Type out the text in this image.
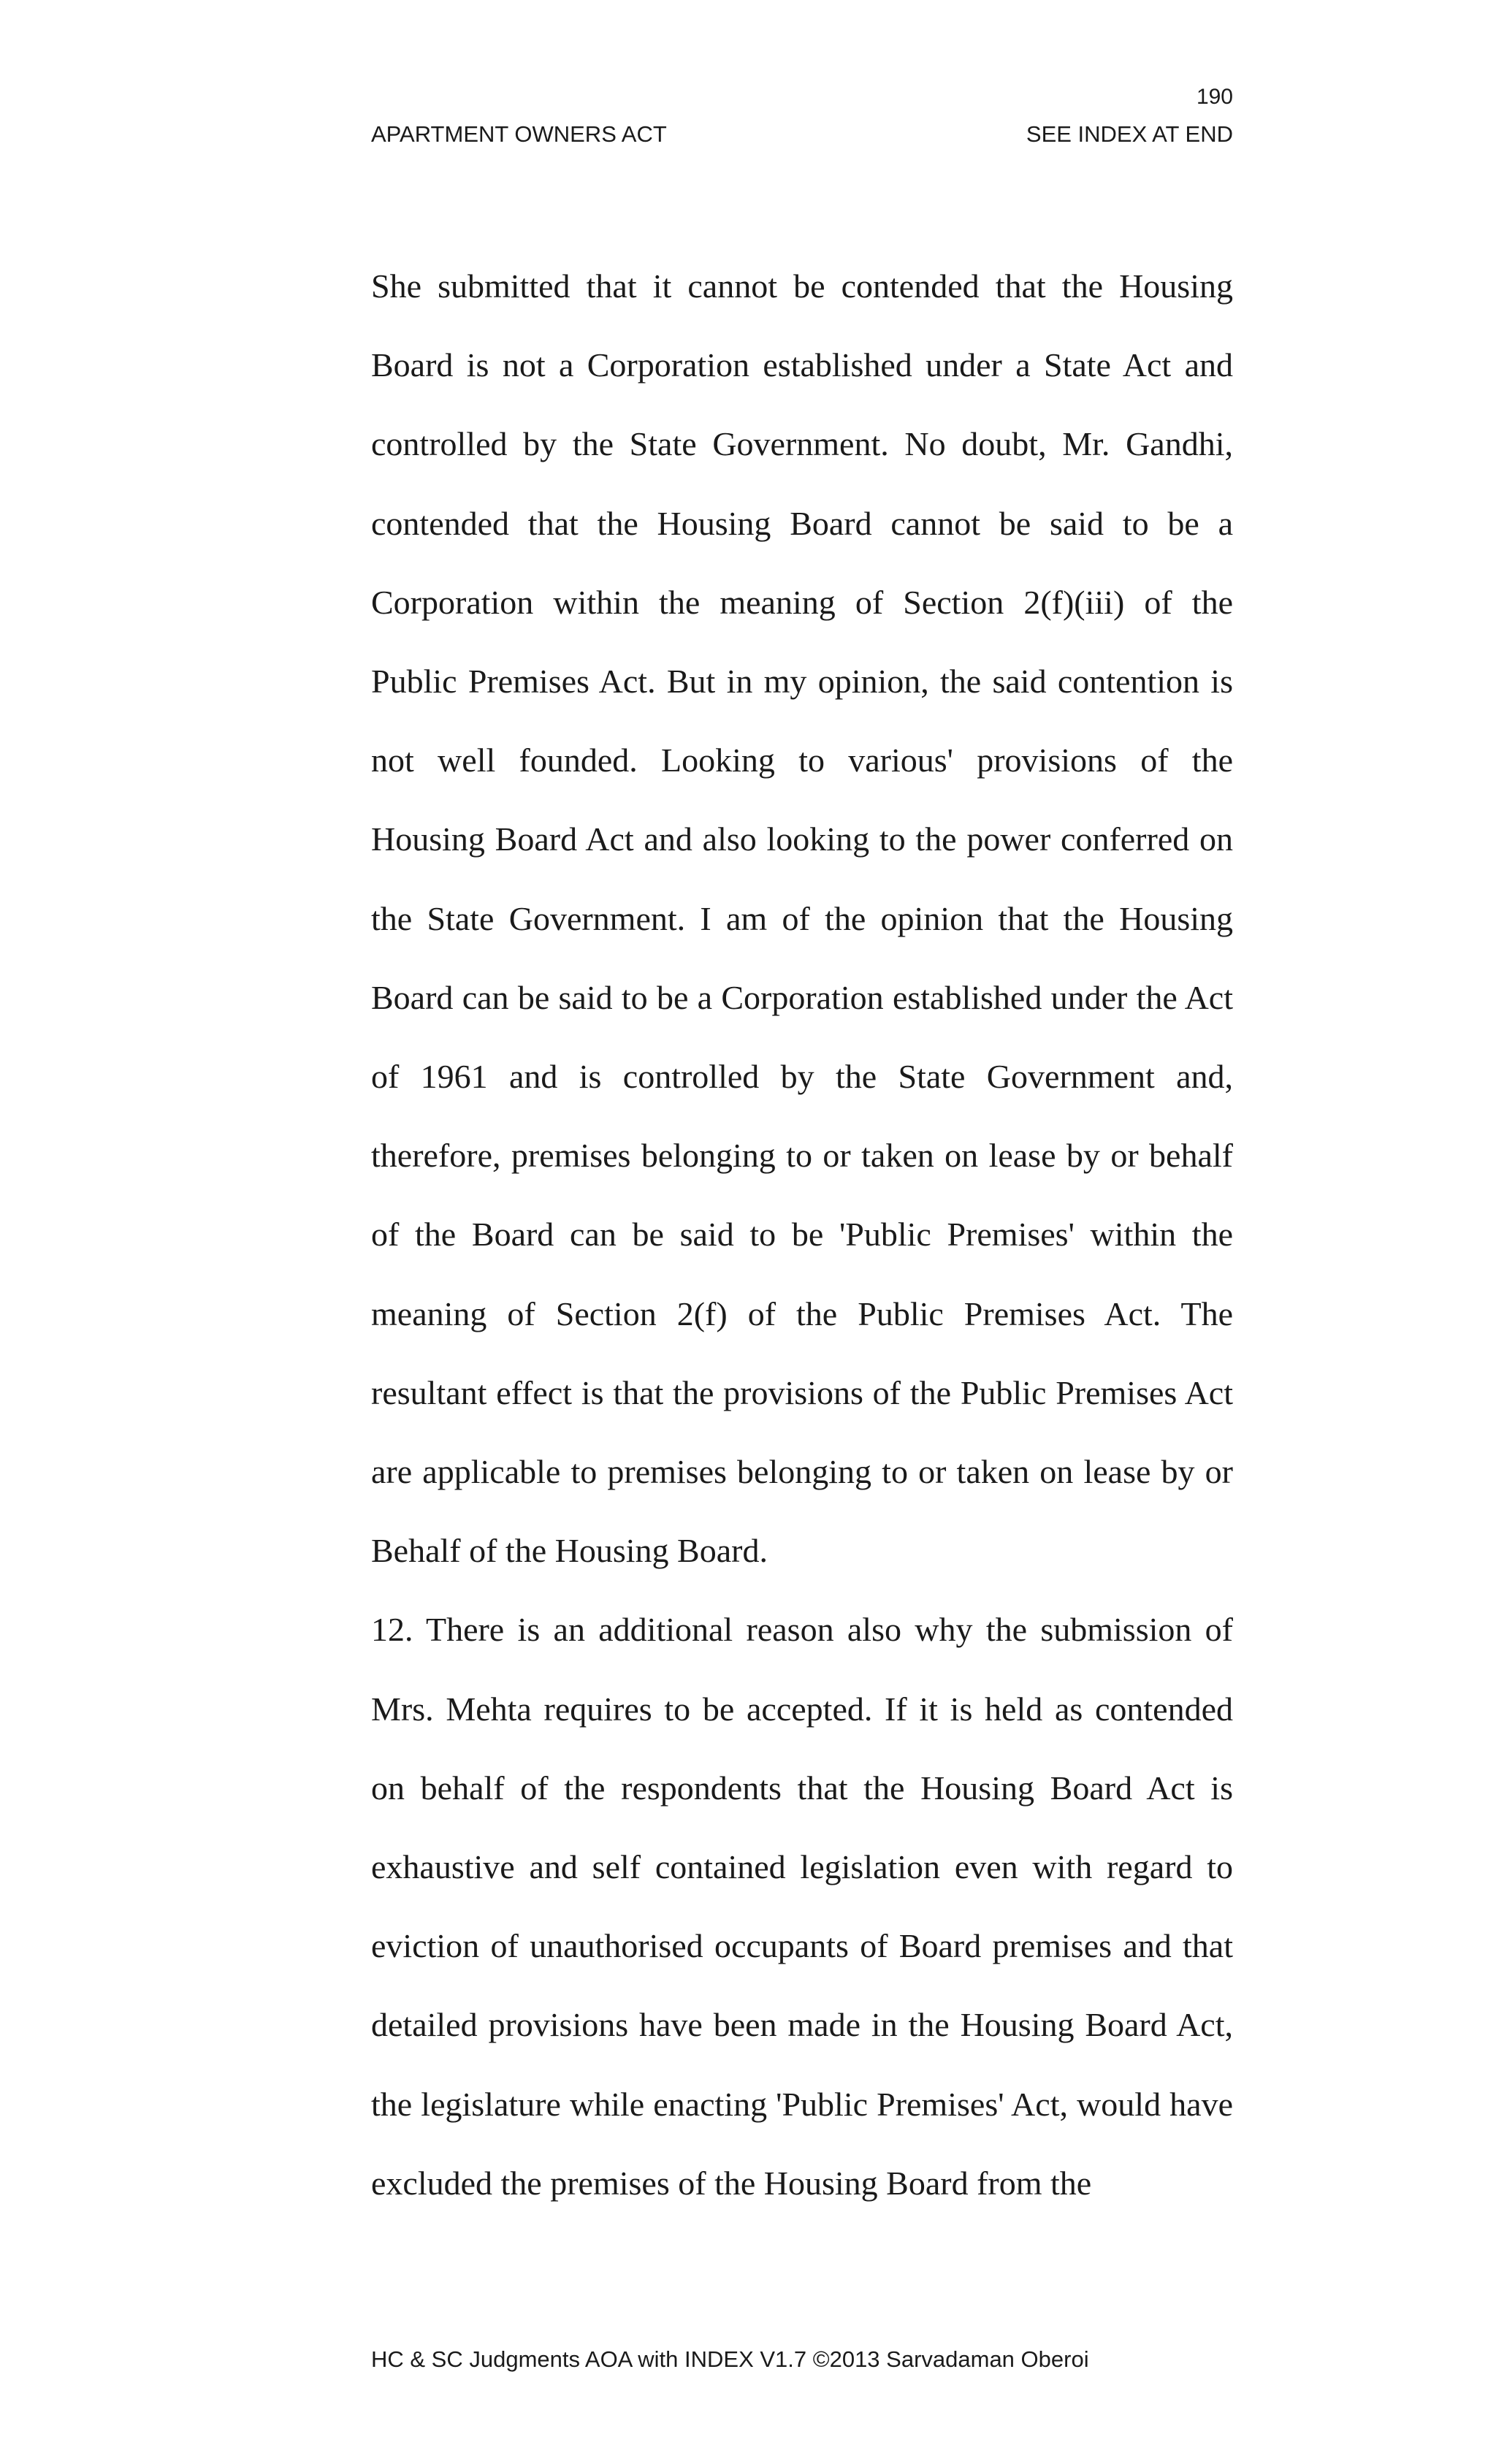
190
APARTMENT OWNERS ACT	SEE INDEX AT END

She submitted that it cannot be contended that the Housing Board is not a Corporation established under a State Act and controlled by the State Government. No doubt, Mr. Gandhi, contended that the Housing Board cannot be said to be a Corporation within the meaning of Section 2(f)(iii) of the Public Premises Act. But in my opinion, the said contention is not well founded. Looking to various' provisions of the Housing Board Act and also looking to the power conferred on the State Government. I am of the opinion that the Housing Board can be said to be a Corporation established under the Act of 1961 and is controlled by the State Government and, therefore, premises belonging to or taken on lease by or behalf of the Board can be said to be 'Public Premises' within the meaning of Section 2(f) of the Public Premises Act. The resultant effect is that the provisions of the Public Premises Act are applicable to premises belonging to or taken on lease by or Behalf of the Housing Board.

12. There is an additional reason also why the submission of Mrs. Mehta requires to be accepted. If it is held as contended on behalf of the respondents that the Housing Board Act is exhaustive and self contained legislation even with regard to eviction of unauthorised occupants of Board premises and that detailed provisions have been made in the Housing Board Act, the legislature while enacting 'Public Premises' Act, would have excluded the premises of the Housing Board from the

HC & SC Judgments AOA with INDEX V1.7 ©2013 Sarvadaman Oberoi
